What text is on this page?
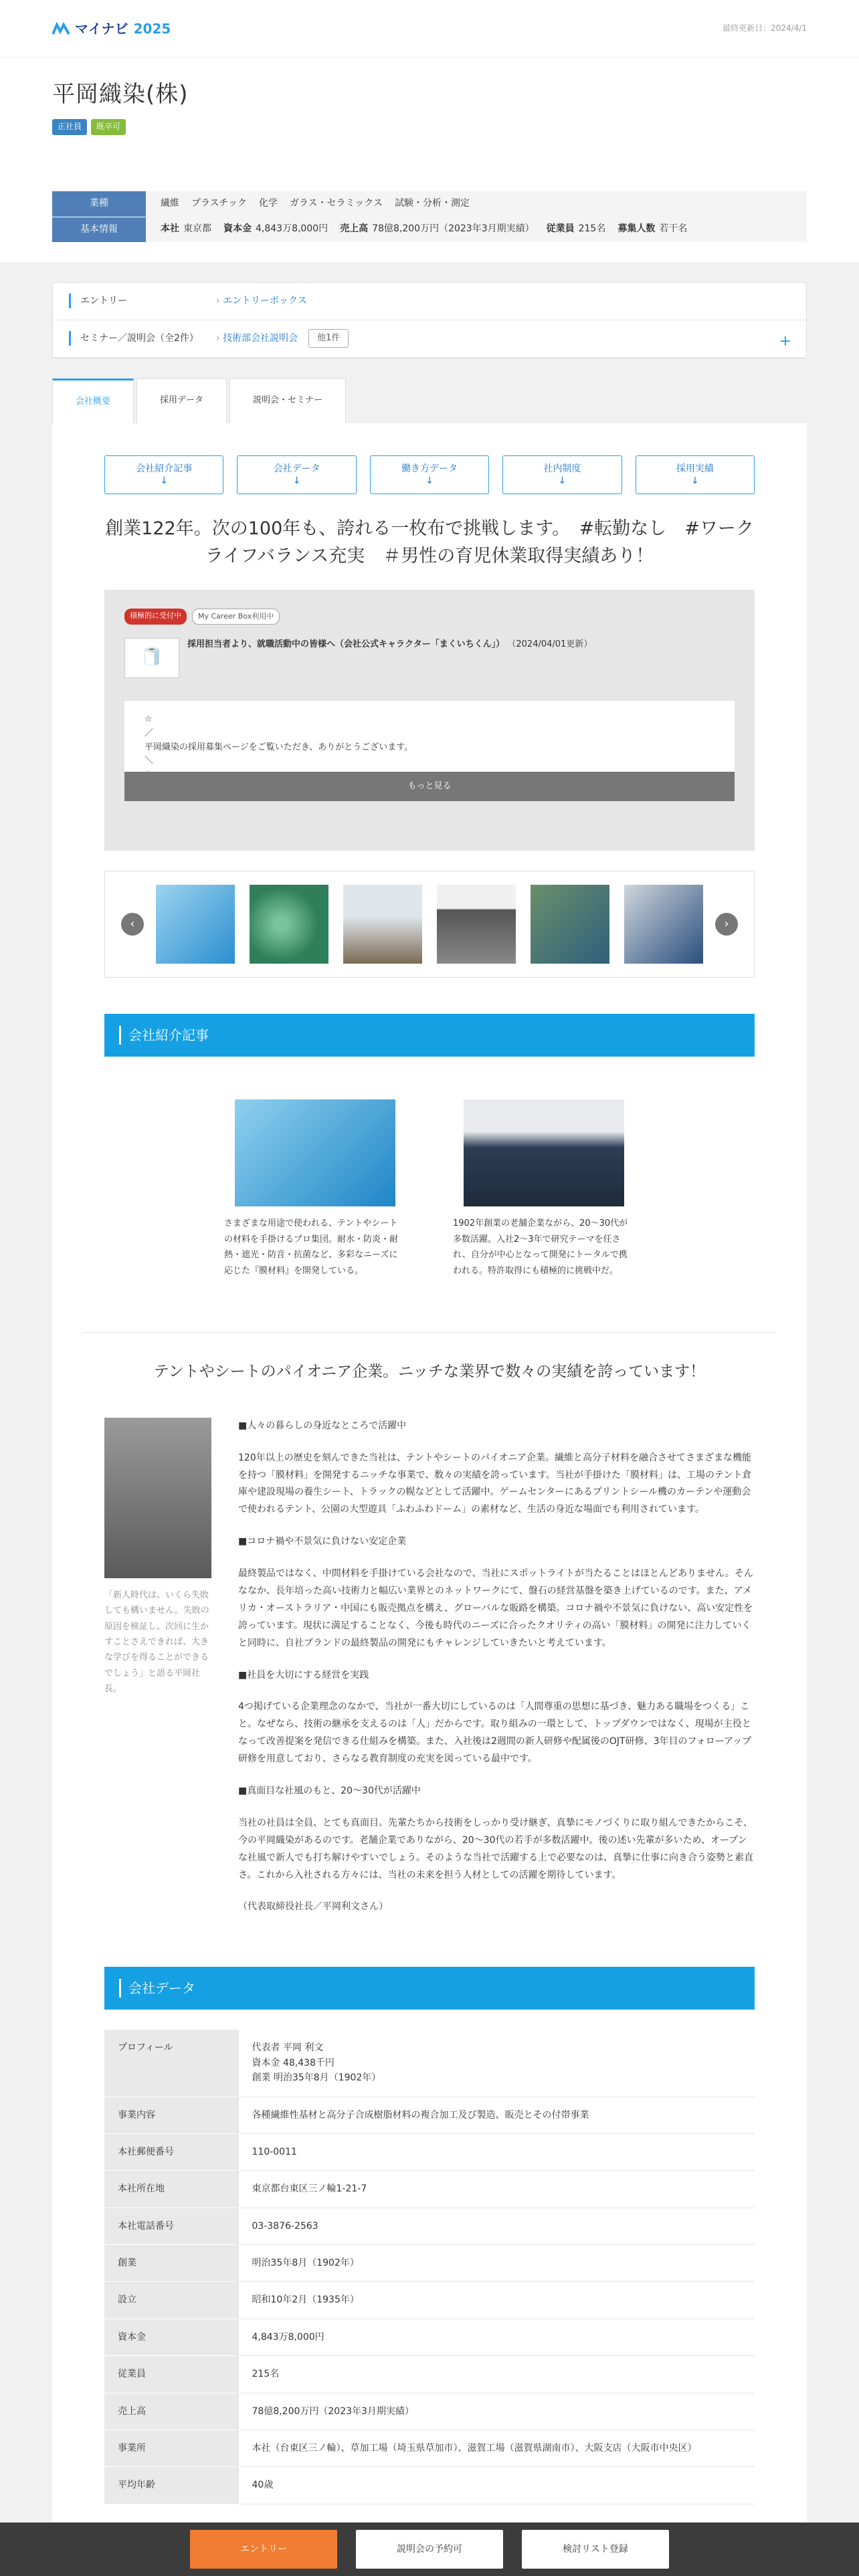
マイナビ 2025	最終更新日：2024/4/1
平岡織染(株)
正社員	既卒可
業種	繊維 プラスチック 化学 ガラス・セラミックス 試験・分析・測定
基本情報	本社 東京都 資本金 4,843万8,000円 売上高 78億8,200万円（2023年3月期実績） 従業員 215名 募集人数 若干名
エントリー	› エントリーボックス
セミナー／説明会（全2件）	› 技術部会社説明会	他1件	+
会社概要	採用データ	説明会・セミナー
会社紹介記事
↓
会社データ
↓
働き方データ
↓
社内制度
↓
採用実績
↓
創業122年。次の100年も、誇れる一枚布で挑戦します。　#転勤なし　#ワークライフバランス充実　＃男性の育児休業取得実績あり！
積極的に受付中	My Career Box利用中
🧻
採用担当者より、就職活動中の皆様へ（会社公式キャラクター「まくいちくん」） （2024/04/01更新）
☆
／
平岡織染の採用募集ページをご覧いただき、ありがとうございます。
＼
もっと見る
‹	›
会社紹介記事

さまざまな用途で使われる、テントやシートの材料を手掛けるプロ集団。耐水・防炎・耐熱・遮光・防音・抗菌など、多彩なニーズに応じた『膜材料』を開発している。

1902年創業の老舗企業ながら、20〜30代が多数活躍。入社2〜3年で研究テーマを任され、自分が中心となって開発にトータルで携われる。特許取得にも積極的に挑戦中だ。

テントやシートのパイオニア企業。ニッチな業界で数々の実績を誇っています！

「新人時代は、いくら失敗しても構いません。失敗の原因を検証し、次回に生かすことさえできれば、大きな学びを得ることができるでしょう」と語る平岡社長。

■人々の暮らしの身近なところで活躍中

120年以上の歴史を刻んできた当社は、テントやシートのパイオニア企業。繊維と高分子材料を融合させてさまざまな機能を持つ「膜材料」を開発するニッチな事業で、数々の実績を誇っています。当社が手掛けた「膜材料」は、工場のテント倉庫や建設現場の養生シート、トラックの幌などとして活躍中。ゲームセンターにあるプリントシール機のカーテンや運動会で使われるテント、公園の大型遊具「ふわふわドーム」の素材など、生活の身近な場面でも利用されています。

■コロナ禍や不景気に負けない安定企業

最終製品ではなく、中間材料を手掛けている会社なので、当社にスポットライトが当たることはほとんどありません。そんななか、長年培った高い技術力と幅広い業界とのネットワークにて、盤石の経営基盤を築き上げているのです。また、アメリカ・オーストラリア・中国にも販売拠点を構え、グローバルな販路を構築。コロナ禍や不景気に負けない、高い安定性を誇っています。現状に満足することなく、今後も時代のニーズに合ったクオリティの高い「膜材料」の開発に注力していくと同時に、自社ブランドの最終製品の開発にもチャレンジしていきたいと考えています。

■社員を大切にする経営を実践

4つ掲げている企業理念のなかで、当社が一番大切にしているのは「人間尊重の思想に基づき、魅力ある職場をつくる」こと。なぜなら、技術の継承を支えるのは「人」だからです。取り組みの一環として、トップダウンではなく、現場が主役となって改善提案を発信できる仕組みを構築。また、入社後は2週間の新人研修や配属後のOJT研修、3年目のフォローアップ研修を用意しており、さらなる教育制度の充実を図っている最中です。

■真面目な社風のもと、20〜30代が活躍中

当社の社員は全員、とても真面目。先輩たちから技術をしっかり受け継ぎ、真摯にモノづくりに取り組んできたからこそ、今の平岡織染があるのです。老舗企業でありながら、20〜30代の若手が多数活躍中。後の述い先輩が多いため、オープンな社風で新人でも打ち解けやすいでしょう。そのような当社で活躍する上で必要なのは、真摯に仕事に向き合う姿勢と素直さ。これから入社される方々には、当社の未来を担う人材としての活躍を期待しています。

（代表取締役社長／平岡利文さん）

会社データ
プロフィール	代表者 平岡 利文
資本金 48,438千円
創業 明治35年8月（1902年）

事業内容	各種繊維性基材と高分子合成樹脂材料の複合加工及び製造、販売とその付帯事業

本社郵便番号	110-0011

本社所在地	東京都台東区三ノ輪1-21-7

本社電話番号	03-3876-2563

創業	明治35年8月（1902年）

設立	昭和10年2月（1935年）

資本金	4,843万8,000円

従業員	215名

売上高	78億8,200万円（2023年3月期実績）

事業所	本社（台東区三ノ輪）、草加工場（埼玉県草加市）、滋賀工場（滋賀県湖南市）、大阪支店（大阪市中央区）

平均年齢	40歳
エントリー	説明会の予約可	検討リスト登録
